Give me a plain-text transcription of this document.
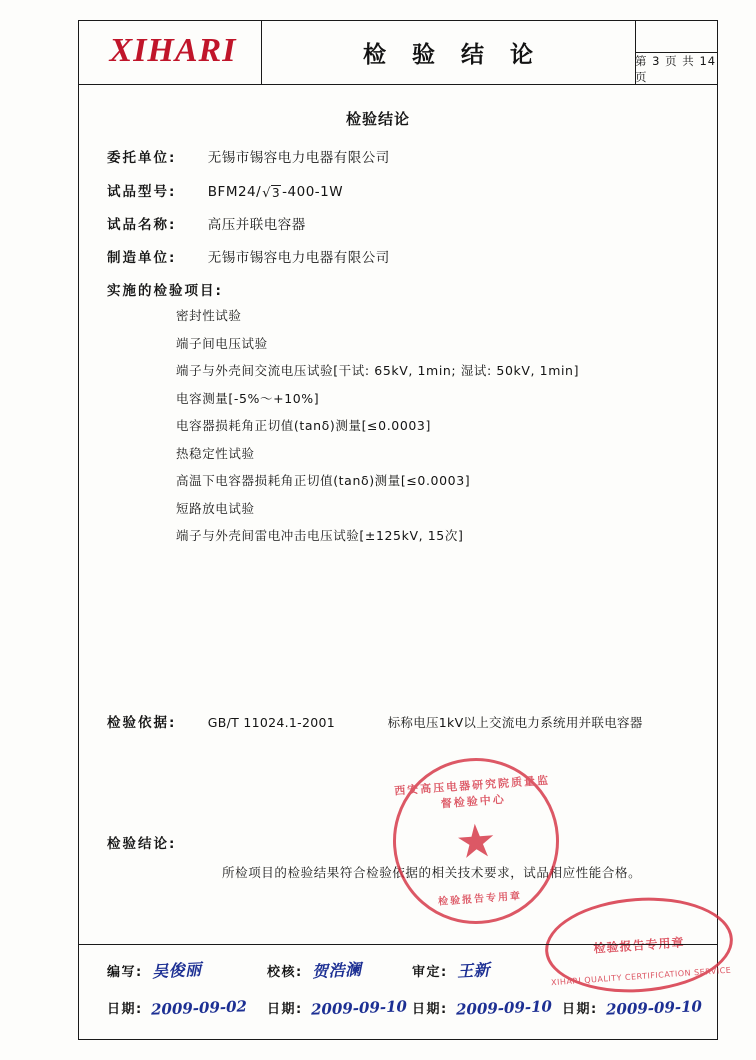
XIHARI	检 验 结 论	第 3 页 共 14 页
检验结论
委托单位: 无锡市锡容电力电器有限公司
试品型号: BFM24/√3 -400-1W
试品名称: 高压并联电容器
制造单位: 无锡市锡容电力电器有限公司
实施的检验项目:
密封性试验
端子间电压试验
端子与外壳间交流电压试验[干试: 65kV, 1min; 湿试: 50kV, 1min]
电容测量[-5%～+10%]
电容器损耗角正切值(tanδ)测量[≤0.0003]
热稳定性试验
高温下电容器损耗角正切值(tanδ)测量[≤0.0003]
短路放电试验
端子与外壳间雷电冲击电压试验[±125kV, 15次]
检验依据:	GB/T 11024.1-2001	标称电压1kV以上交流电力系统用并联电容器
检验结论:
所检项目的检验结果符合检验依据的相关技术要求，试品相应性能合格。
西安高压电器研究院质量监督检验中心
★
检验报告专用章
检验报告专用章
XIHARI QUALITY CERTIFICATION SERVICE
编写: 吴俊丽	校核: 贺浩澜	审定: 王新
日期: 2009-09-02 日期: 2009-09-10 日期: 2009-09-10 日期: 2009-09-10
